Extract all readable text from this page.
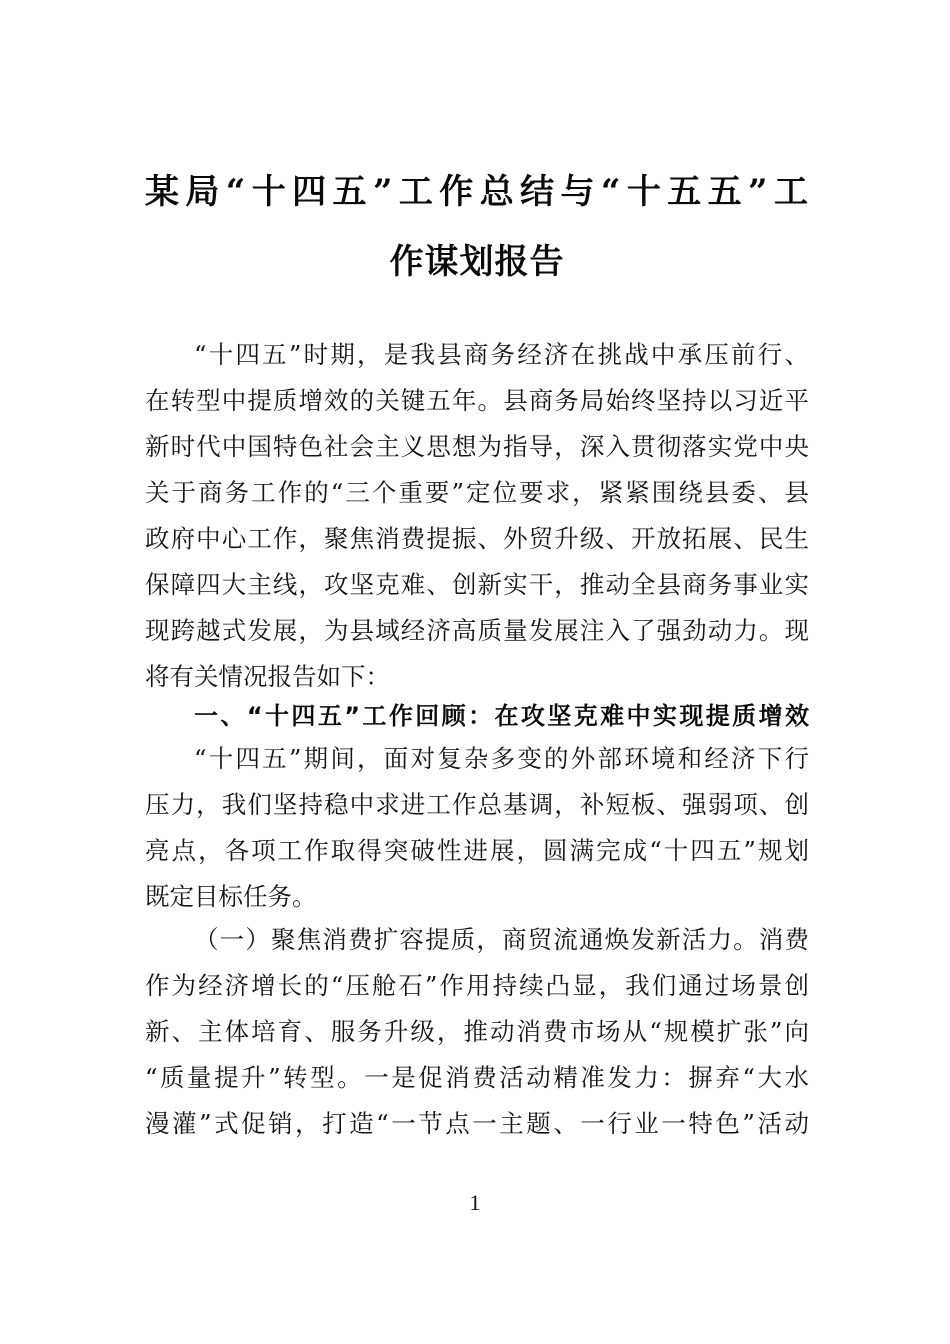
某局“十四五”工作总结与“十五五”工
作谋划报告
“十四五”时期，是我县商务经济在挑战中承压前行、
在转型中提质增效的关键五年。县商务局始终坚持以习近平
新时代中国特色社会主义思想为指导，深入贯彻落实党中央
关于商务工作的“三个重要”定位要求，紧紧围绕县委、县
政府中心工作，聚焦消费提振、外贸升级、开放拓展、民生
保障四大主线，攻坚克难、创新实干，推动全县商务事业实
现跨越式发展，为县域经济高质量发展注入了强劲动力。现
将有关情况报告如下：
一、“十四五”工作回顾：在攻坚克难中实现提质增效
“十四五”期间，面对复杂多变的外部环境和经济下行
压力，我们坚持稳中求进工作总基调，补短板、强弱项、创
亮点，各项工作取得突破性进展，圆满完成“十四五”规划
既定目标任务。
（一）聚焦消费扩容提质，商贸流通焕发新活力。消费
作为经济增长的“压舱石”作用持续凸显，我们通过场景创
新、主体培育、服务升级，推动消费市场从“规模扩张”向
“质量提升”转型。一是促消费活动精准发力：摒弃“大水
漫灌”式促销，打造“一节点一主题、一行业一特色”活动
1
